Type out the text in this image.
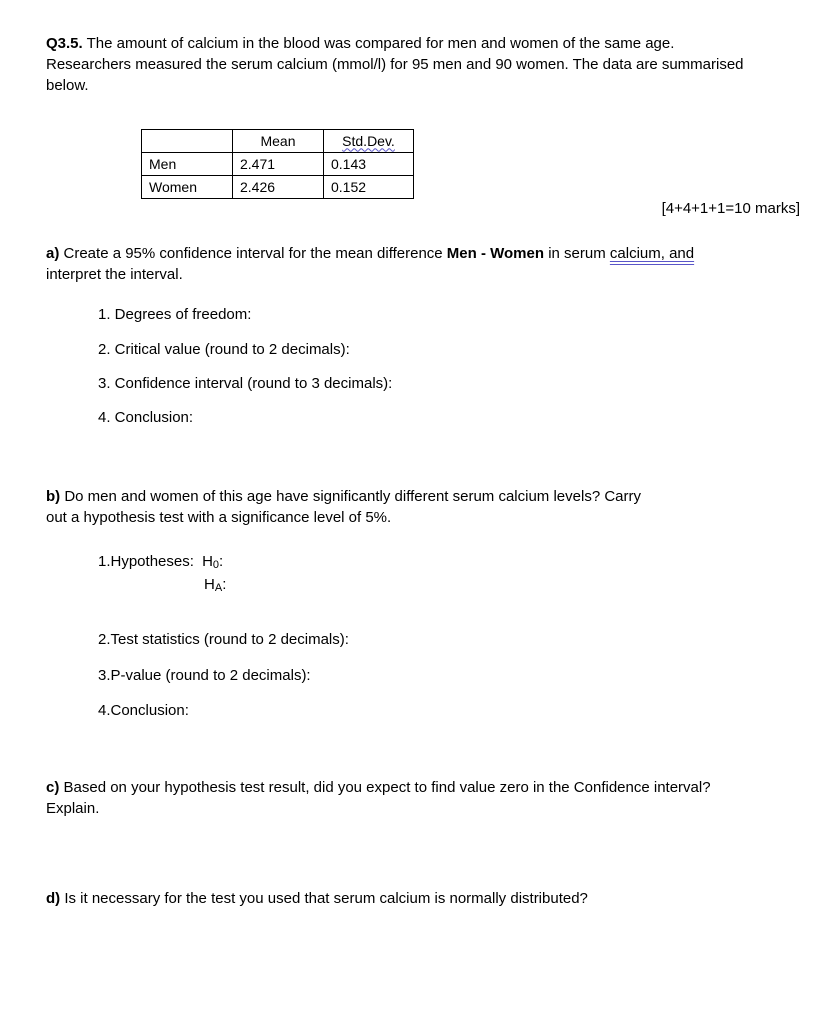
Q3.5. The amount of calcium in the blood was compared for men and women of the same age.
Researchers measured the serum calcium (mmol/l) for 95 men and 90 women. The data are summarised
below.
	Mean	Std.Dev.
Men	2.471	0.143
Women	2.426	0.152
[4+4+1+1=10 marks]
a) Create a 95% confidence interval for the mean difference Men - Women in serum calcium, and
interpret the interval.
1. Degrees of freedom:
2. Critical value (round to 2 decimals):
3. Confidence interval (round to 3 decimals):
4. Conclusion:
b) Do men and women of this age have significantly different serum calcium levels? Carry
out a hypothesis test with a significance level of 5%.
1.Hypotheses: $H_0$:
$H_A$:
2.Test statistics (round to 2 decimals):
3.P-value (round to 2 decimals):
4.Conclusion:
c) Based on your hypothesis test result, did you expect to find value zero in the Confidence interval?
Explain.
d) Is it necessary for the test you used that serum calcium is normally distributed?
